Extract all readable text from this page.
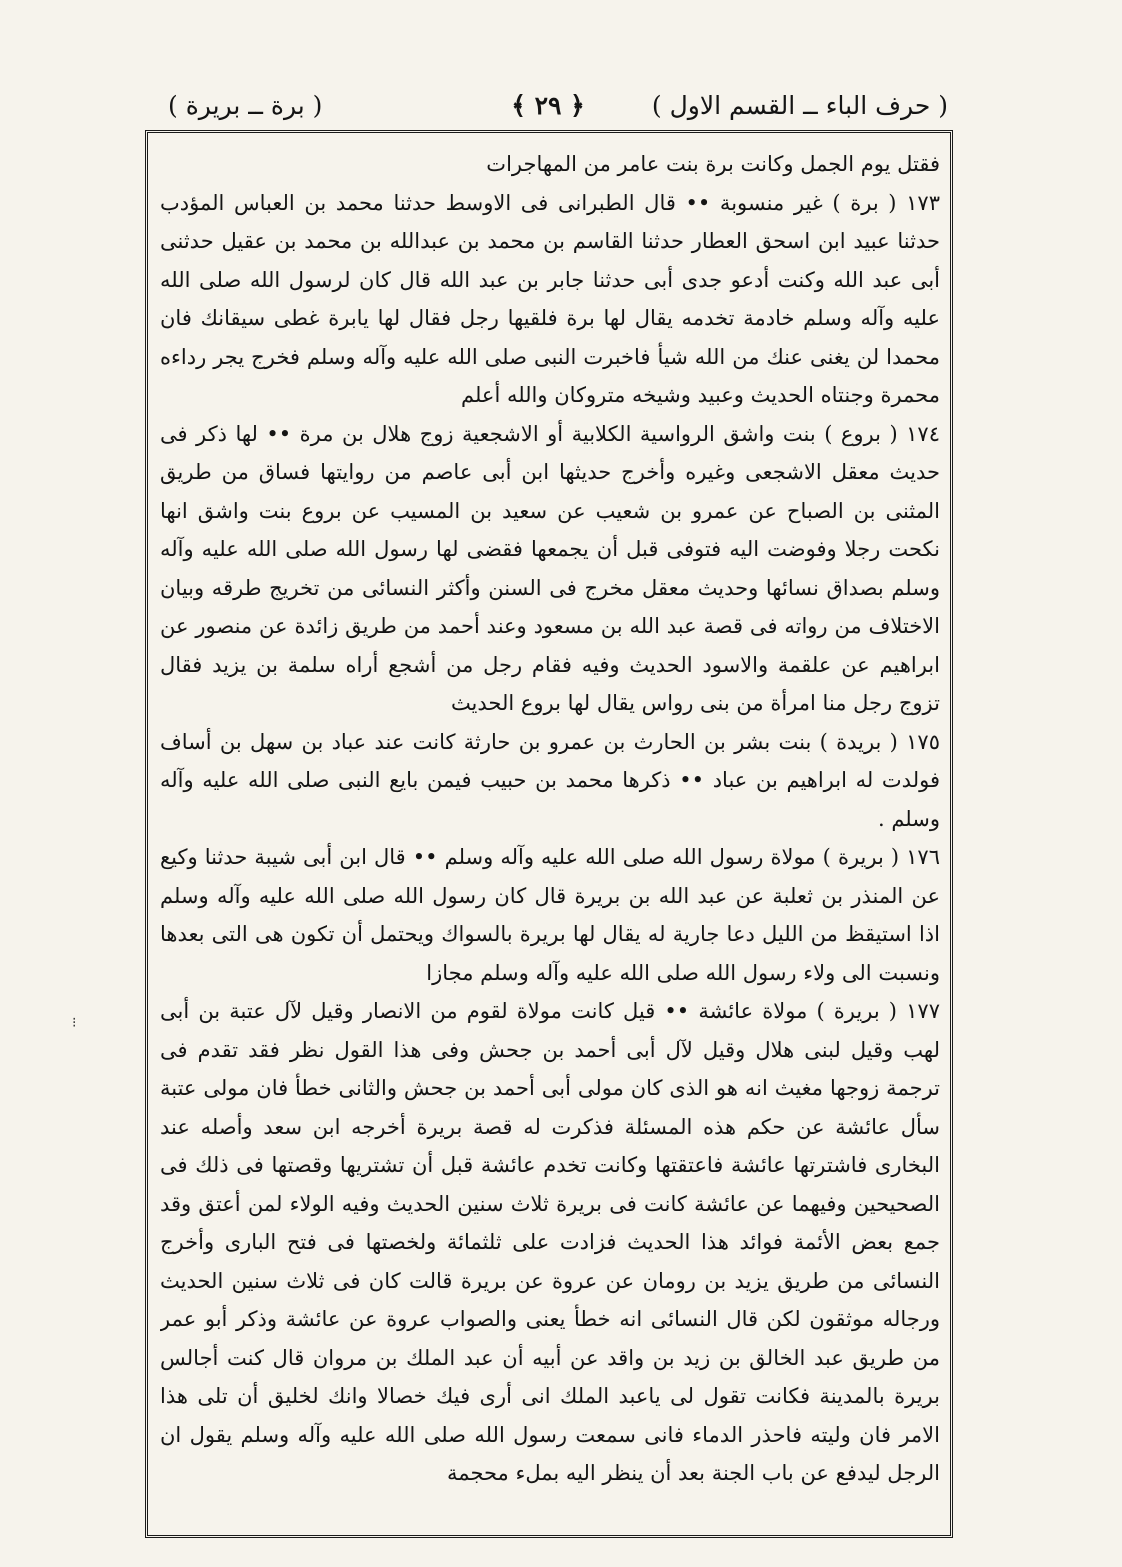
( حرف الباء ــ القسم الاول )
﴿ ٢٩ ﴾
( برة ــ بريرة )

فقتل يوم الجمل وكانت برة بنت عامر من المهاجرات

١٧٣ ( برة ) غير منسوبة •• قال الطبرانى فى الاوسط حدثنا محمد بن العباس المؤدب حدثنا عبيد ابن اسحق العطار حدثنا القاسم بن محمد بن عبدالله بن محمد بن عقيل حدثنى أبى عبد الله وكنت أدعو جدى أبى حدثنا جابر بن عبد الله قال كان لرسول الله صلى الله عليه وآله وسلم خادمة تخدمه يقال لها برة فلقيها رجل فقال لها يابرة غطى سيقانك فان محمدا لن يغنى عنك من الله شيأ فاخبرت النبى صلى الله عليه وآله وسلم فخرج يجر رداءه محمرة وجنتاه الحديث وعبيد وشيخه متروكان والله أعلم

١٧٤ ( بروع ) بنت واشق الرواسية الكلابية أو الاشجعية زوج هلال بن مرة •• لها ذكر فى حديث معقل الاشجعى وغيره وأخرج حديثها ابن أبى عاصم من روايتها فساق من طريق المثنى بن الصباح عن عمرو بن شعيب عن سعيد بن المسيب عن بروع بنت واشق انها نكحت رجلا وفوضت اليه فتوفى قبل أن يجمعها فقضى لها رسول الله صلى الله عليه وآله وسلم بصداق نسائها وحديث معقل مخرج فى السنن وأكثر النسائى من تخريج طرقه وبيان الاختلاف من رواته فى قصة عبد الله بن مسعود وعند أحمد من طريق زائدة عن منصور عن ابراهيم عن علقمة والاسود الحديث وفيه فقام رجل من أشجع أراه سلمة بن يزيد فقال تزوج رجل منا امرأة من بنى رواس يقال لها بروع الحديث

١٧٥ ( بريدة ) بنت بشر بن الحارث بن عمرو بن حارثة كانت عند عباد بن سهل بن أساف فولدت له ابراهيم بن عباد •• ذكرها محمد بن حبيب فيمن بايع النبى صلى الله عليه وآله وسلم .

١٧٦ ( بريرة ) مولاة رسول الله صلى الله عليه وآله وسلم •• قال ابن أبى شيبة حدثنا وكيع عن المنذر بن ثعلبة عن عبد الله بن بريرة قال كان رسول الله صلى الله عليه وآله وسلم اذا استيقظ من الليل دعا جارية له يقال لها بريرة بالسواك ويحتمل أن تكون هى التى بعدها ونسبت الى ولاء رسول الله صلى الله عليه وآله وسلم مجازا

١٧٧ ( بريرة ) مولاة عائشة •• قيل كانت مولاة لقوم من الانصار وقيل لآل عتبة بن أبى لهب وقيل لبنى هلال وقيل لآل أبى أحمد بن جحش وفى هذا القول نظر فقد تقدم فى ترجمة زوجها مغيث انه هو الذى كان مولى أبى أحمد بن جحش والثانى خطأ فان مولى عتبة سأل عائشة عن حكم هذه المسئلة فذكرت له قصة بريرة أخرجه ابن سعد وأصله عند البخارى فاشترتها عائشة فاعتقتها وكانت تخدم عائشة قبل أن تشتريها وقصتها فى ذلك فى الصحيحين وفيهما عن عائشة كانت فى بريرة ثلاث سنين الحديث وفيه الولاء لمن أعتق وقد جمع بعض الأئمة فوائد هذا الحديث فزادت على ثلثمائة ولخصتها فى فتح البارى وأخرج النسائى من طريق يزيد بن رومان عن عروة عن بريرة قالت كان فى ثلاث سنين الحديث ورجاله موثقون لكن قال النسائى انه خطأ يعنى والصواب عروة عن عائشة وذكر أبو عمر من طريق عبد الخالق بن زيد بن واقد عن أبيه أن عبد الملك بن مروان قال كنت أجالس بريرة بالمدينة فكانت تقول لى ياعبد الملك انى أرى فيك خصالا وانك لخليق أن تلى هذا الامر فان وليته فاحذر الدماء فانى سمعت رسول الله صلى الله عليه وآله وسلم يقول ان الرجل ليدفع عن باب الجنة بعد أن ينظر اليه بملء محجمة

⁝
